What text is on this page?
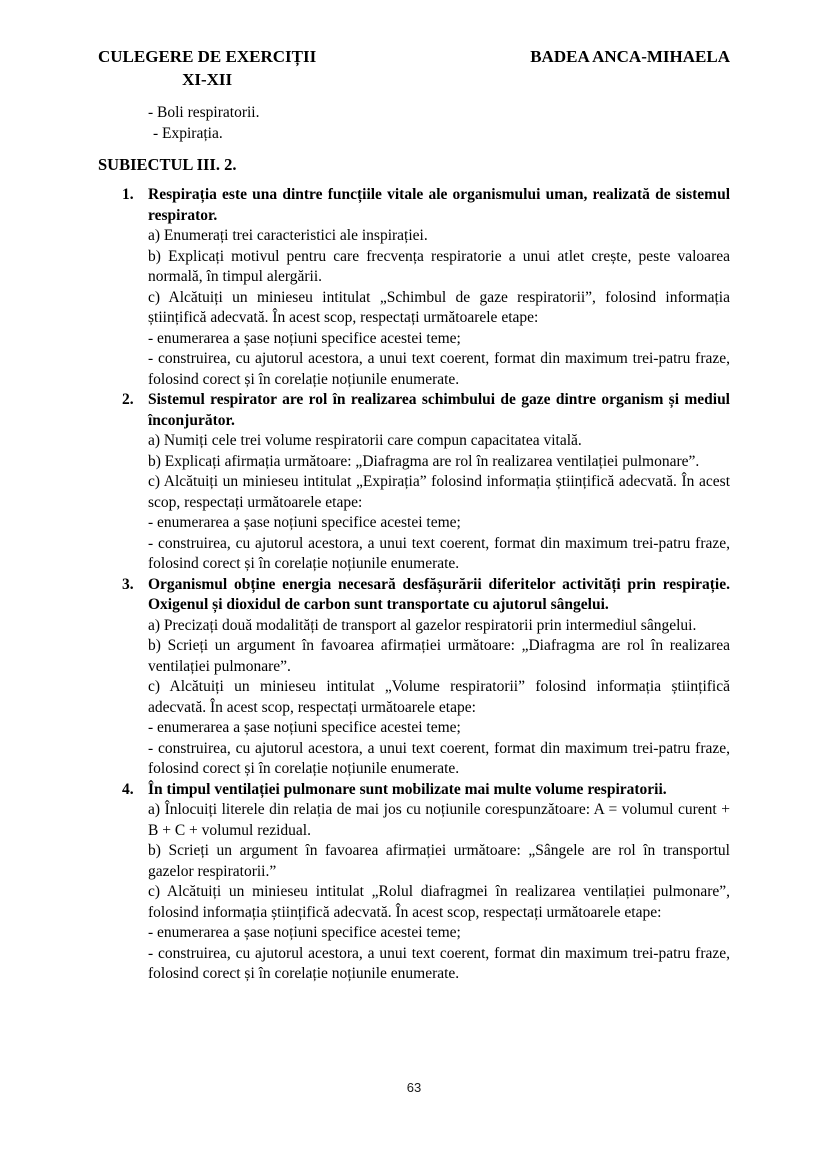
CULEGERE DE EXERCIȚII
XI-XII
BADEA ANCA-MIHAELA

- Boli respiratorii.

- Expirația.

SUBIECTUL III. 2.
1. Respirația este una dintre funcțiile vitale ale organismului uman, realizată de sistemul respirator.

a) Enumerați trei caracteristici ale inspirației.

b) Explicați motivul pentru care frecvența respiratorie a unui atlet crește, peste valoarea normală, în timpul alergării.

c) Alcătuiți un minieseu intitulat „Schimbul de gaze respiratorii”, folosind informația științifică adecvată. În acest scop, respectați următoarele etape:

- enumerarea a șase noțiuni specifice acestei teme;

- construirea, cu ajutorul acestora, a unui text coerent, format din maximum trei-patru fraze, folosind corect și în corelație noțiunile enumerate.

2. Sistemul respirator are rol în realizarea schimbului de gaze dintre organism și mediul înconjurător.

a) Numiți cele trei volume respiratorii care compun capacitatea vitală.

b) Explicați afirmația următoare: „Diafragma are rol în realizarea ventilației pulmonare”.

c) Alcătuiți un minieseu intitulat „Expirația” folosind informația științifică adecvată. În acest scop, respectați următoarele etape:

- enumerarea a șase noțiuni specifice acestei teme;

- construirea, cu ajutorul acestora, a unui text coerent, format din maximum trei-patru fraze, folosind corect și în corelație noțiunile enumerate.

3. Organismul obține energia necesară desfășurării diferitelor activități prin respirație. Oxigenul și dioxidul de carbon sunt transportate cu ajutorul sângelui.

a) Precizați două modalități de transport al gazelor respiratorii prin intermediul sângelui.

b) Scrieți un argument în favoarea afirmației următoare: „Diafragma are rol în realizarea ventilației pulmonare”.

c) Alcătuiți un minieseu intitulat „Volume respiratorii” folosind informația științifică adecvată. În acest scop, respectați următoarele etape:

- enumerarea a șase noțiuni specifice acestei teme;

- construirea, cu ajutorul acestora, a unui text coerent, format din maximum trei-patru fraze, folosind corect și în corelație noțiunile enumerate.

4. În timpul ventilației pulmonare sunt mobilizate mai multe volume respiratorii.

a) Înlocuiți literele din relația de mai jos cu noțiunile corespunzătoare: A = volumul curent + B + C + volumul rezidual.

b) Scrieți un argument în favoarea afirmației următoare: „Sângele are rol în transportul gazelor respiratorii.”

c) Alcătuiți un minieseu intitulat „Rolul diafragmei în realizarea ventilației pulmonare”, folosind informația științifică adecvată. În acest scop, respectați următoarele etape:

- enumerarea a șase noțiuni specifice acestei teme;

- construirea, cu ajutorul acestora, a unui text coerent, format din maximum trei-patru fraze, folosind corect și în corelație noțiunile enumerate.

63
